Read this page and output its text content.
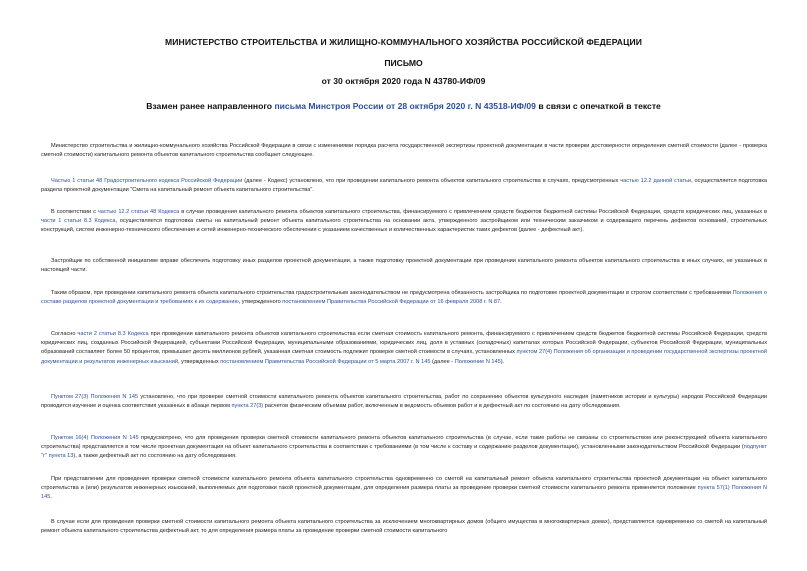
МИНИСТЕРСТВО СТРОИТЕЛЬСТВА И ЖИЛИЩНО-КОММУНАЛЬНОГО ХОЗЯЙСТВА РОССИЙСКОЙ ФЕДЕРАЦИИ
ПИСЬМО
от 30 октября 2020 года N 43780-ИФ/09
Взамен ранее направленного письма Минстроя России от 28 октября 2020 г. N 43518-ИФ/09 в связи с опечаткой в тексте
Министерство строительства и жилищно-коммунального хозяйства Российской Федерации в связи с изменениями порядка расчета государственной экспертизы проектной документации в части проверки достоверности определения сметной стоимости (далее - проверка сметной стоимости) капитального ремонта объектов капитального строительства сообщает следующее.
Частью 1 статьи 48 Градостроительного кодекса Российской Федерации (далее - Кодекс) установлено, что при проведении капитального ремонта объектов капитального строительства в случаях, предусмотренных частью 12.2 данной статьи, осуществляется подготовка раздела проектной документации "Смета на капитальный ремонт объекта капитального строительства".
В соответствии с частью 12.2 статьи 48 Кодекса в случае проведения капитального ремонта объектов капитального строительства, финансируемого с привлечением средств бюджетов бюджетной системы Российской Федерации, средств юридических лиц, указанных в части 1 статьи 8.3 Кодекса, осуществляется подготовка сметы на капитальный ремонт объекта капитального строительства на основании акта, утвержденного застройщиком или техническим заказчиком и содержащего перечень дефектов оснований, строительных конструкций, систем инженерно-технического обеспечения и сетей инженерно-технического обеспечения с указанием качественных и количественных характеристик таких дефектов (далее - дефектный акт).
Застройщик по собственной инициативе вправе обеспечить подготовку иных разделов проектной документации, а также подготовку проектной документации при проведении капитального ремонта объектов капитального строительства в иных случаях, не указанных в настоящей части.
Таким образом, при проведении капитального ремонта объекта капитального строительства градостроительным законодательством не предусмотрена обязанность застройщика по подготовке проектной документации в строгом соответствии с требованиями Положения о составе разделов проектной документации и требованиях к их содержанию, утвержденного постановлением Правительства Российской Федерации от 16 февраля 2008 г. N 87.
Согласно части 2 статьи 8.3 Кодекса при проведении капитального ремонта объектов капитального строительства если сметная стоимость капитального ремонта, финансируемого с привлечением средств бюджетов бюджетной системы Российской Федерации, средств юридических лиц, созданных Российской Федерацией, субъектами Российской Федерации, муниципальными образованиями, юридических лиц, доля в уставных (складочных) капиталах которых Российской Федерации, субъектов Российской Федерации, муниципальных образований составляет более 50 процентов, превышает десять миллионов рублей, указанная сметная стоимость подлежит проверке сметной стоимости в случаях, установленных пунктом 27(4) Положения об организации и проведении государственной экспертизы проектной документации и результатов инженерных изысканий, утвержденных постановлением Правительства Российской Федерации от 5 марта 2007 г. N 145 (далее - Положение N 145).
Пунктом 27(3) Положения N 145 установлено, что при проверке сметной стоимости капитального ремонта объектов капитального строительства, работ по сохранению объектов культурного наследия (памятников истории и культуры) народов Российской Федерации проводится изучение и оценка соответствия указанных в абзаце первом пункта 27(3) расчетов физическим объемам работ, включенным в ведомость объемов работ и в дефектный акт по состоянию на дату обследования.
Пунктом 16(4) Положения N 145 предусмотрено, что для проведения проверки сметной стоимости капитального ремонта объектов капитального строительства (в случае, если такие работы не связаны со строительством или реконструкцией объекта капитального строительства) представляется в том числе проектная документация на объект капитального строительства в соответствии с требованиями (в том числе к составу и содержанию разделов документации), установленными законодательством Российской Федерации (подпункт "г" пункта 13), а также дефектный акт по состоянию на дату обследования.
При представлении для проведения проверки сметной стоимости капитального ремонта объекта капитального строительства одновременно со сметой на капитальный ремонт объекта капитального строительства проектной документации на объект капитального строительства и (или) результатов инженерных изысканий, выполняемых для подготовки такой проектной документации, для определения размера платы за проведение проверки сметной стоимости капитального ремонта применяется положение пункта 57(1) Положения N 145.
В случае если для проведения проверки сметной стоимости капитального ремонта объекта капитального строительства за исключением многоквартирных домов (общего имущества в многоквартирных домах), представляется одновременно со сметой на капитальный ремонт объекта капитального строительства дефектный акт, то для определения размера платы за проведение проверки сметной стоимости капитального
